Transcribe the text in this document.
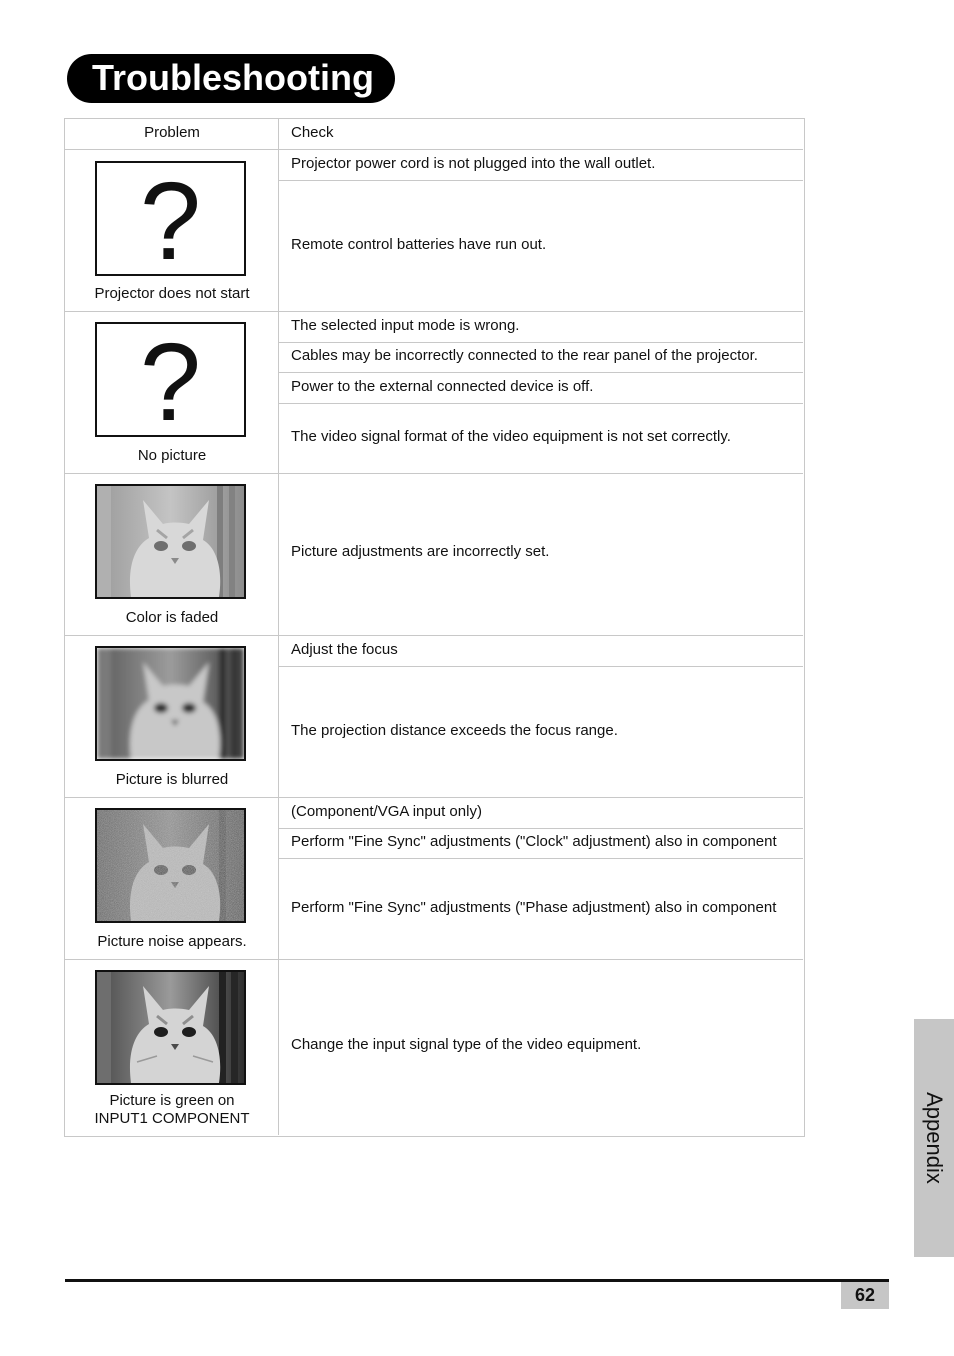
Troubleshooting
Problem	Check
?
Projector does not start
Projector power cord is not plugged into the wall outlet.
Remote control batteries have run out.
?
No picture
The selected input mode is wrong.
Cables may be incorrectly connected to the rear panel of the projector.
Power to the external connected device is off.
The video signal format of the video equipment is not set correctly.
Color is faded
Picture adjustments are incorrectly set.
Picture is blurred
Adjust the focus
The projection distance exceeds the focus range.
Picture noise appears.
(Component/VGA input only)
Perform "Fine Sync" adjustments ("Clock" adjustment) also in component
Perform "Fine Sync" adjustments ("Phase adjustment) also in component
Picture is green on
INPUT1 COMPONENT
Change the input signal type of the video equipment.
Appendix
62
